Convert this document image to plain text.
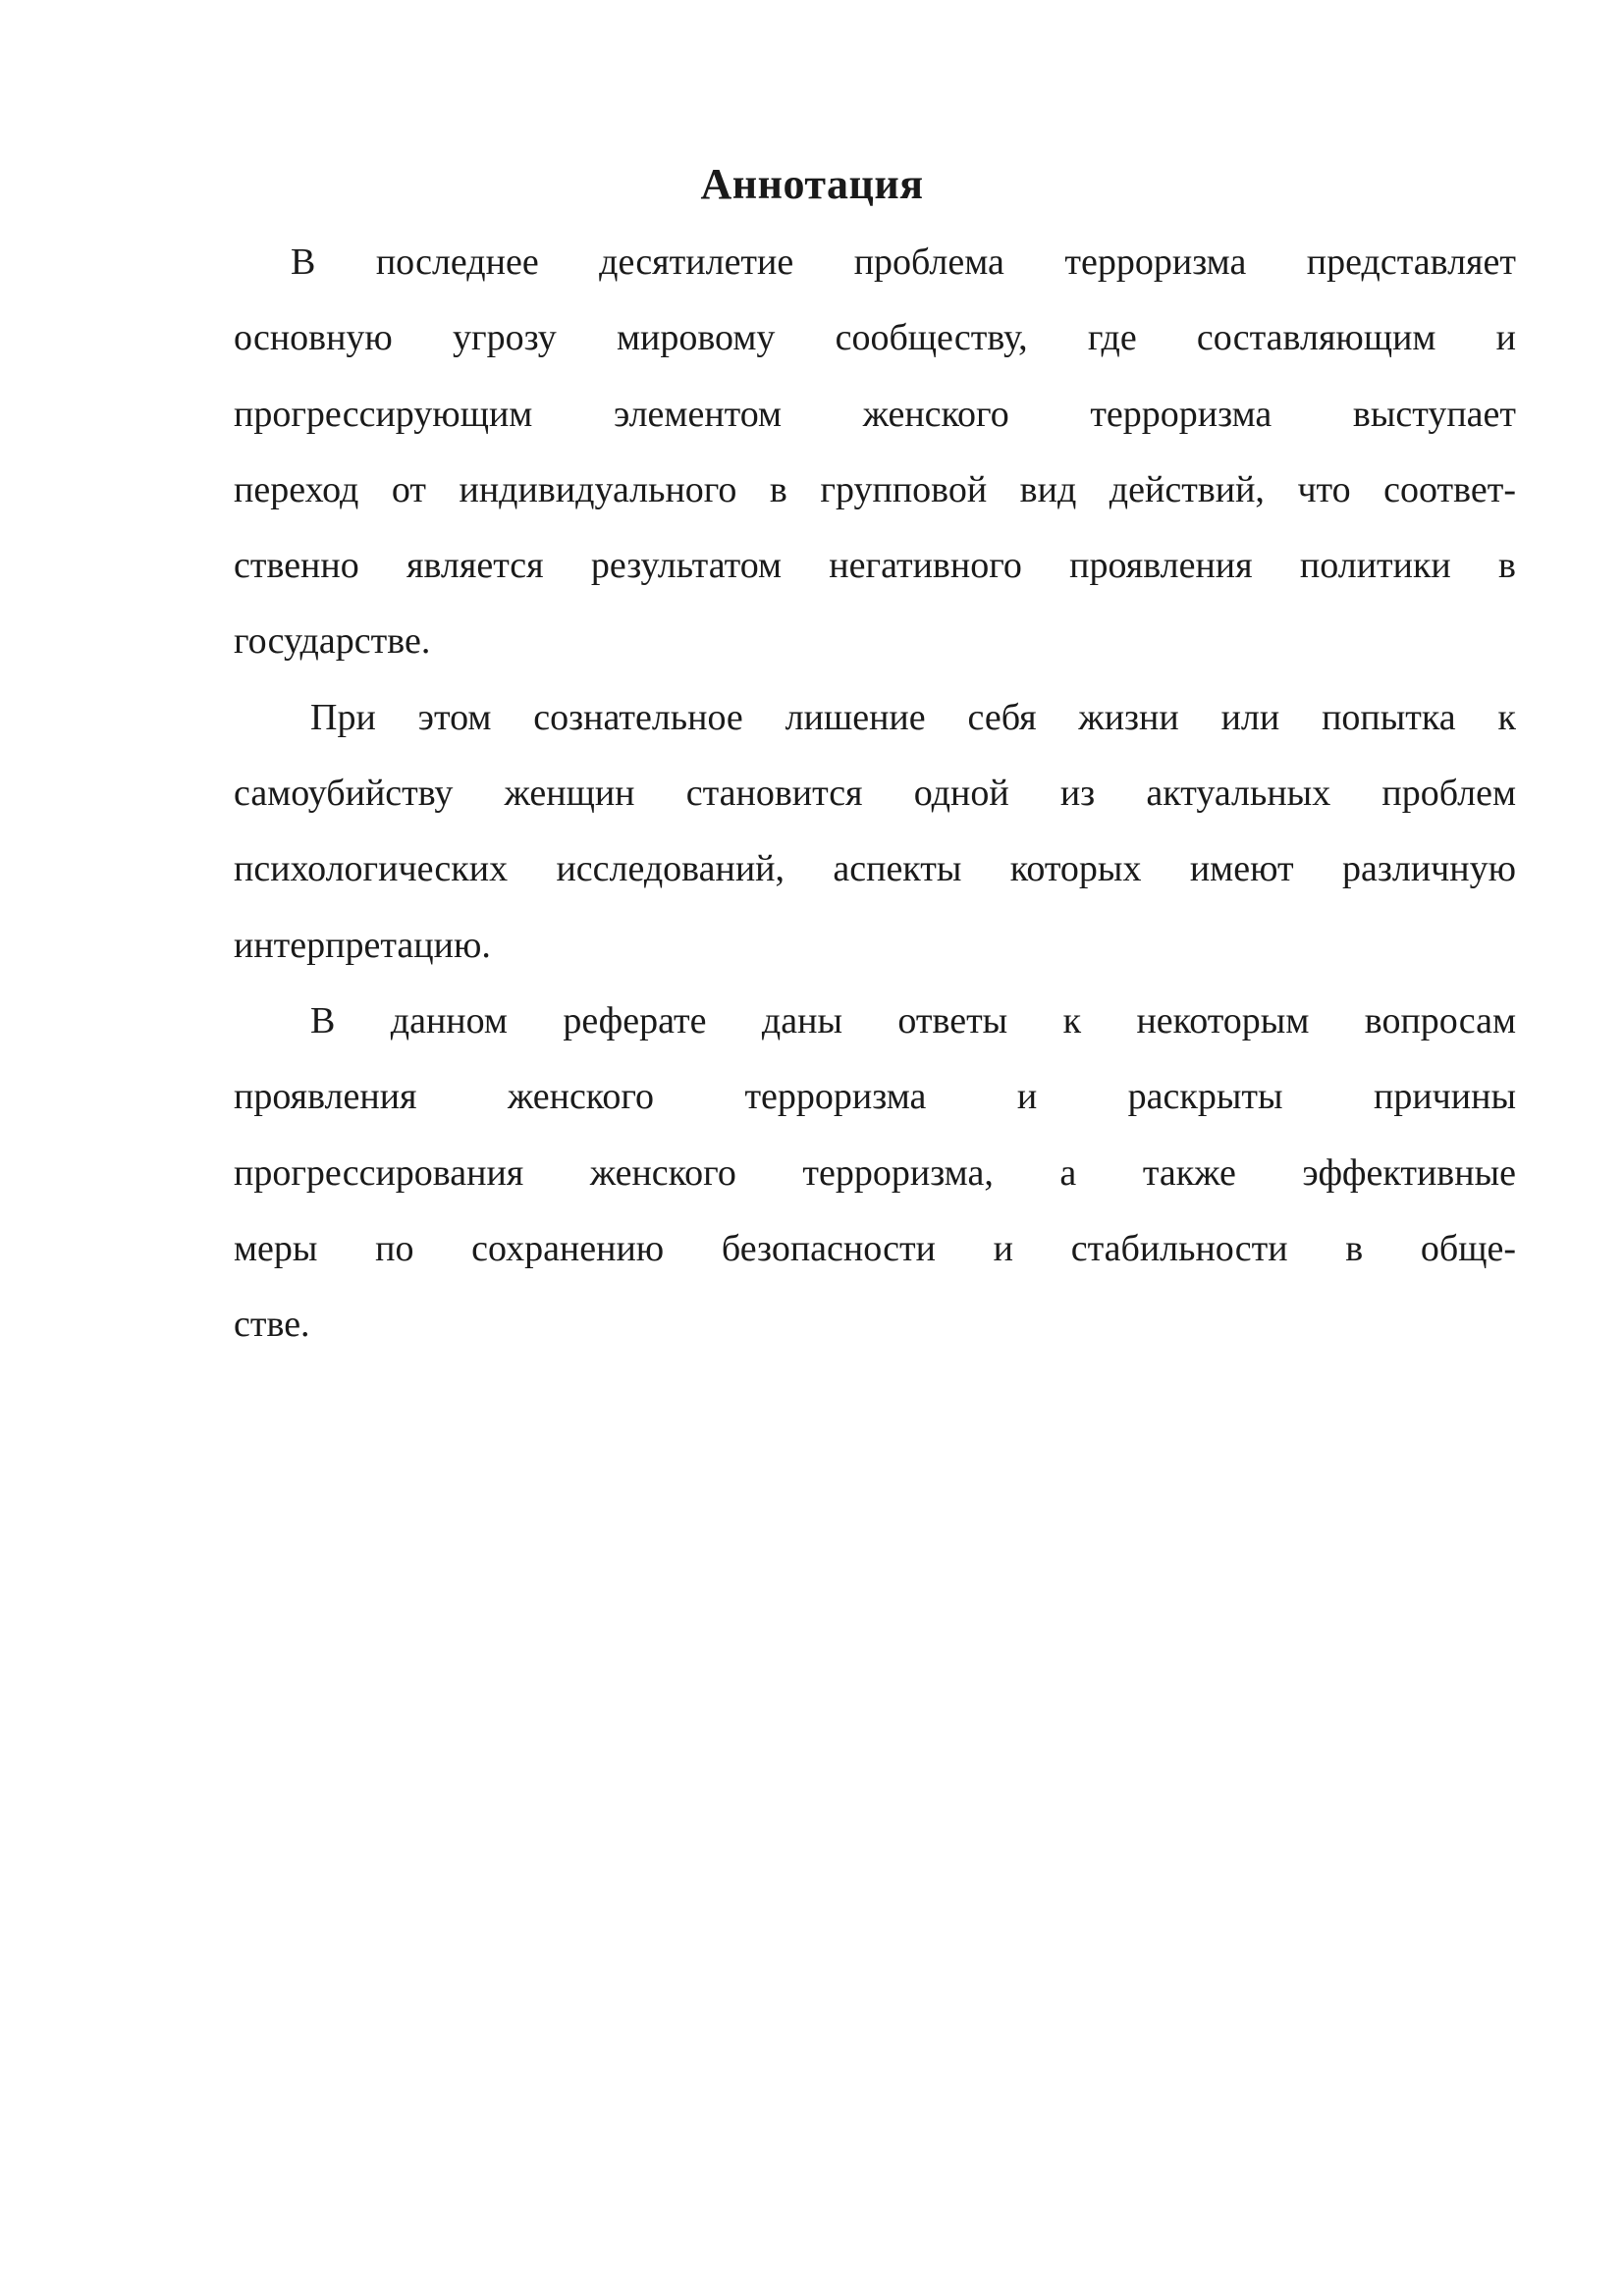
Аннотация
В последнее десятилетие проблема терроризма представляет
основную угрозу мировому сообществу, где составляющим и
прогрессирующим элементом женского терроризма выступает
переход от индивидуального в групповой вид действий, что соответ-
ственно является результатом негативного проявления политики в
государстве.
При этом сознательное лишение себя жизни или попытка к
самоубийству женщин становится одной из актуальных проблем
психологических исследований, аспекты которых имеют различную
интерпретацию.
В данном реферате даны ответы к некоторым вопросам
проявления женского терроризма и раскрыты причины
прогрессирования женского терроризма, а также эффективные
меры по сохранению безопасности и стабильности в обще-
стве.
